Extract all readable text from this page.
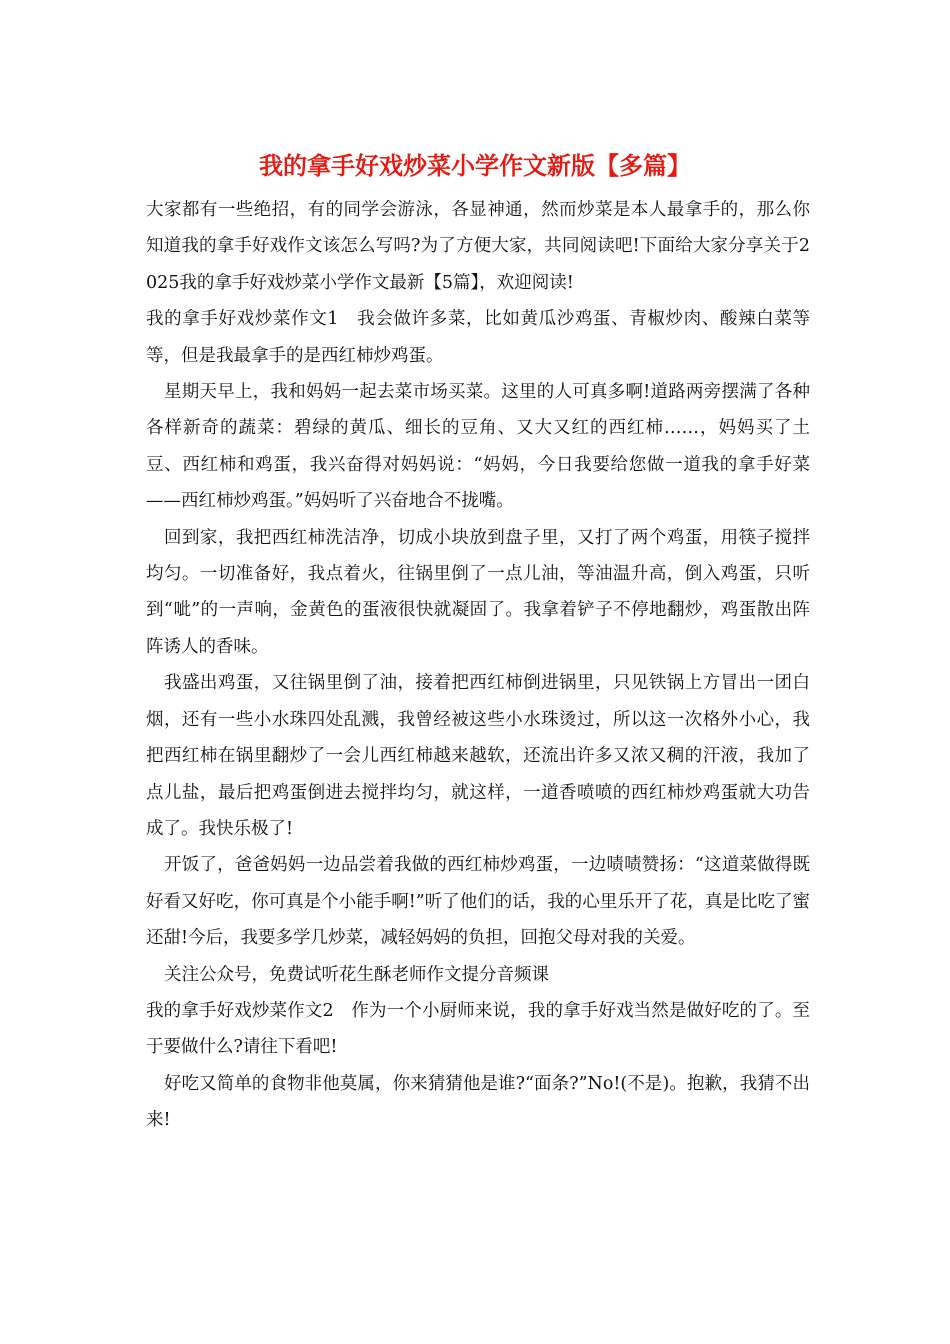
我的拿手好戏炒菜小学作文新版【多篇】

大家都有一些绝招，有的同学会游泳，各显神通，然而炒菜是本人最拿手的，那么你知道我的拿手好戏作文该怎么写吗?为了方便大家，共同阅读吧!下面给大家分享关于2025我的拿手好戏炒菜小学作文最新【5篇】，欢迎阅读!

我的拿手好戏炒菜作文1　我会做许多菜，比如黄瓜沙鸡蛋、青椒炒肉、酸辣白菜等等，但是我最拿手的是西红柿炒鸡蛋。

星期天早上，我和妈妈一起去菜市场买菜。这里的人可真多啊!道路两旁摆满了各种各样新奇的蔬菜：碧绿的黄瓜、细长的豆角、又大又红的西红柿……，妈妈买了土豆、西红柿和鸡蛋，我兴奋得对妈妈说：“妈妈，今日我要给您做一道我的拿手好菜——西红柿炒鸡蛋。”妈妈听了兴奋地合不拢嘴。

回到家，我把西红柿洗洁净，切成小块放到盘子里，又打了两个鸡蛋，用筷子搅拌均匀。一切准备好，我点着火，往锅里倒了一点儿油，等油温升高，倒入鸡蛋，只听到“呲”的一声响，金黄色的蛋液很快就凝固了。我拿着铲子不停地翻炒，鸡蛋散出阵阵诱人的香味。

我盛出鸡蛋，又往锅里倒了油，接着把西红柿倒进锅里，只见铁锅上方冒出一团白烟，还有一些小水珠四处乱溅，我曾经被这些小水珠烫过，所以这一次格外小心，我把西红柿在锅里翻炒了一会儿西红柿越来越软，还流出许多又浓又稠的汗液，我加了点儿盐，最后把鸡蛋倒进去搅拌均匀，就这样，一道香喷喷的西红柿炒鸡蛋就大功告成了。我快乐极了!

开饭了，爸爸妈妈一边品尝着我做的西红柿炒鸡蛋，一边啧啧赞扬：“这道菜做得既好看又好吃，你可真是个小能手啊!”听了他们的话，我的心里乐开了花，真是比吃了蜜还甜!今后，我要多学几炒菜，减轻妈妈的负担，回抱父母对我的关爱。

关注公众号，免费试听花生酥老师作文提分音频课

我的拿手好戏炒菜作文2　作为一个小厨师来说，我的拿手好戏当然是做好吃的了。至于要做什么?请往下看吧!

好吃又简单的食物非他莫属，你来猜猜他是谁?“面条?”No!(不是)。抱歉，我猜不出来!
